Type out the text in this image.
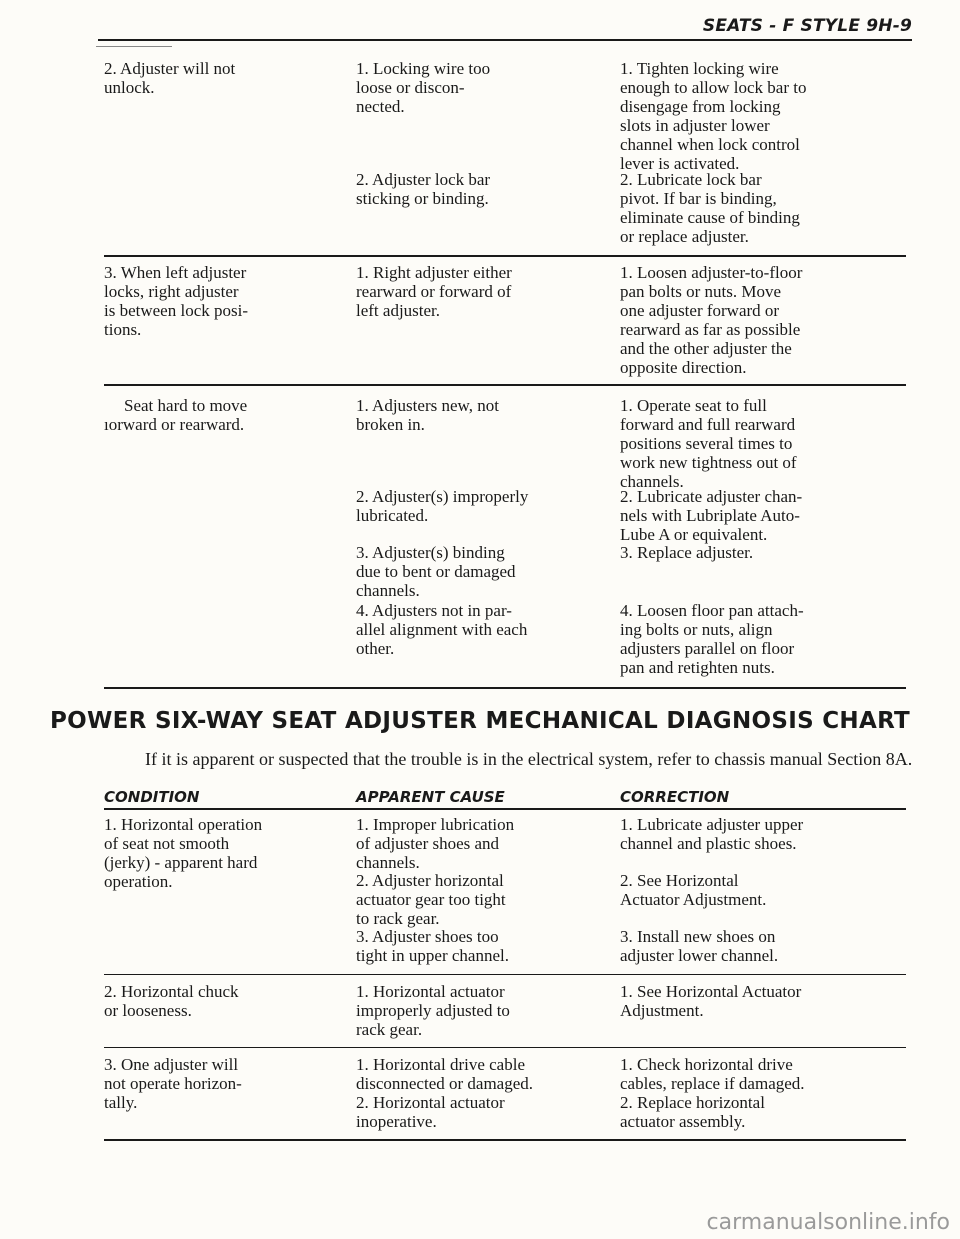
SEATS - F STYLE 9H-9
2. Adjuster will not
unlock.
1. Locking wire too
loose or discon-
nected.
2. Adjuster lock bar
sticking or binding.
1. Tighten locking wire
enough to allow lock bar to
disengage from locking
slots in adjuster lower
channel when lock control
lever is activated.
2. Lubricate lock bar
pivot. If bar is binding,
eliminate cause of binding
or replace adjuster.
3. When left adjuster
locks, right adjuster
is between lock posi-
tions.
1. Right adjuster either
rearward or forward of
left adjuster.
1. Loosen adjuster-to-floor
pan bolts or nuts. Move
one adjuster forward or
rearward as far as possible
and the other adjuster the
opposite direction.
Seat hard to move
ıorward or rearward.
1. Adjusters new, not
broken in.
2. Adjuster(s) improperly
lubricated.
3. Adjuster(s) binding
due to bent or damaged
channels.
4. Adjusters not in par-
allel alignment with each
other.
1. Operate seat to full
forward and full rearward
positions several times to
work new tightness out of
channels.
2. Lubricate adjuster chan-
nels with Lubriplate Auto-
Lube A or equivalent.
3. Replace adjuster.
4. Loosen floor pan attach-
ing bolts or nuts, align
adjusters parallel on floor
pan and retighten nuts.
POWER SIX-WAY SEAT ADJUSTER MECHANICAL DIAGNOSIS CHART
If it is apparent or suspected that the trouble is in the electrical system, refer to chassis manual Section 8A.
CONDITION	APPARENT CAUSE	CORRECTION
1. Horizontal operation
of seat not smooth
(jerky) - apparent hard
operation.
1. Improper lubrication
of adjuster shoes and
channels.
2. Adjuster horizontal
actuator gear too tight
to rack gear.
3. Adjuster shoes too
tight in upper channel.
1. Lubricate adjuster upper
channel and plastic shoes.
2. See Horizontal
Actuator Adjustment.
3. Install new shoes on
adjuster lower channel.
2. Horizontal chuck
or looseness.
1. Horizontal actuator
improperly adjusted to
rack gear.
1. See Horizontal Actuator
Adjustment.
3. One adjuster will
not operate horizon-
tally.
1. Horizontal drive cable
disconnected or damaged.
2. Horizontal actuator
inoperative.
1. Check horizontal drive
cables, replace if damaged.
2. Replace horizontal
actuator assembly.
carmanualsonline.info
